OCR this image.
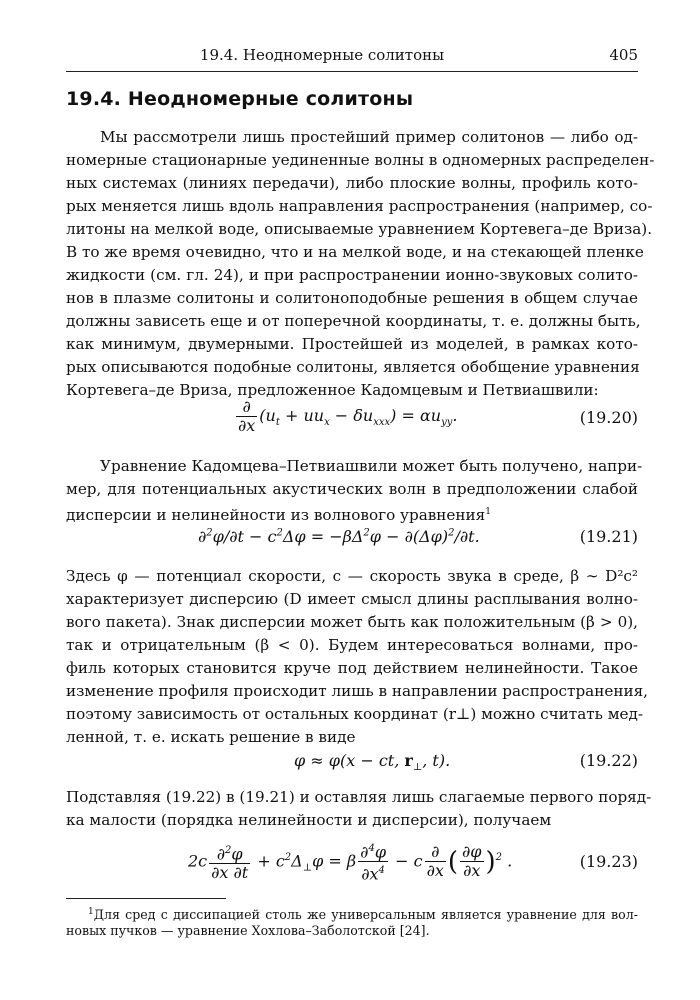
19.4. Неодномерные солитоны	405
19.4. Неодномерные солитоны
Мы рассмотрели лишь простейший пример солитонов — либо од-
номерные стационарные уединенные волны в одномерных распределен-
ных системах (линиях передачи), либо плоские волны, профиль кото-
рых меняется лишь вдоль направления распространения (например, со-
литоны на мелкой воде, описываемые уравнением Кортевега–де Вриза).
В то же время очевидно, что и на мелкой воде, и на стекающей пленке
жидкости (см. гл. 24), и при распространении ионно-звуковых солито-
нов в плазме солитоны и солитоноподобные решения в общем случае
должны зависеть еще и от поперечной координаты, т. е. должны быть,
как минимум, двумерными. Простейшей из моделей, в рамках кото-
рых описываются подобные солитоны, является обобщение уравнения
Кортевега–де Вриза, предложенное Кадомцевым и Петвиашвили:
$\frac{\partial}{\partial x} (u_t + uu_x - \delta u_{xxx}) = \alpha u_{yy}$.	(19.20)
Уравнение Кадомцева–Петвиашвили может быть получено, напри-
мер, для потенциальных акустических волн в предположении слабой
дисперсии и нелинейности из волнового уравнения$^1$
$\partial^2\varphi/\partial t - c^2\Delta\varphi = -\beta\Delta^2\varphi - \partial(\Delta\varphi)^2/\partial t$.	(19.21)
Здесь φ — потенциал скорости, c — скорость звука в среде, β ∼ D²c²
характеризует дисперсию (D имеет смысл длины расплывания волно-
вого пакета). Знак дисперсии может быть как положительным (β > 0),
так и отрицательным (β < 0). Будем интересоваться волнами, про-
филь которых становится круче под действием нелинейности. Такое
изменение профиля происходит лишь в направлении распространения,
поэтому зависимость от остальных координат (r⊥) можно считать мед-
ленной, т. е. искать решение в виде
φ ≈ φ(x − ct, $r_\perp$, t).	(19.22)
Подставляя (19.22) в (19.21) и оставляя лишь слагаемые первого поряд-
ка малости (порядка нелинейности и дисперсии), получаем
$2c \frac{\partial^2\varphi}{\partial x \partial t} + c^2\Delta_\perp\varphi = \beta \frac{\partial^4\varphi}{\partial x^4} - c \frac{\partial}{\partial x}$ ( $\frac{\partial\varphi}{\partial x} )^2$ .	(19.23)
$^1$Для сред с диссипацией столь же универсальным является уравнение для вол-
новых пучков — уравнение Хохлова–Заболотской [24].
